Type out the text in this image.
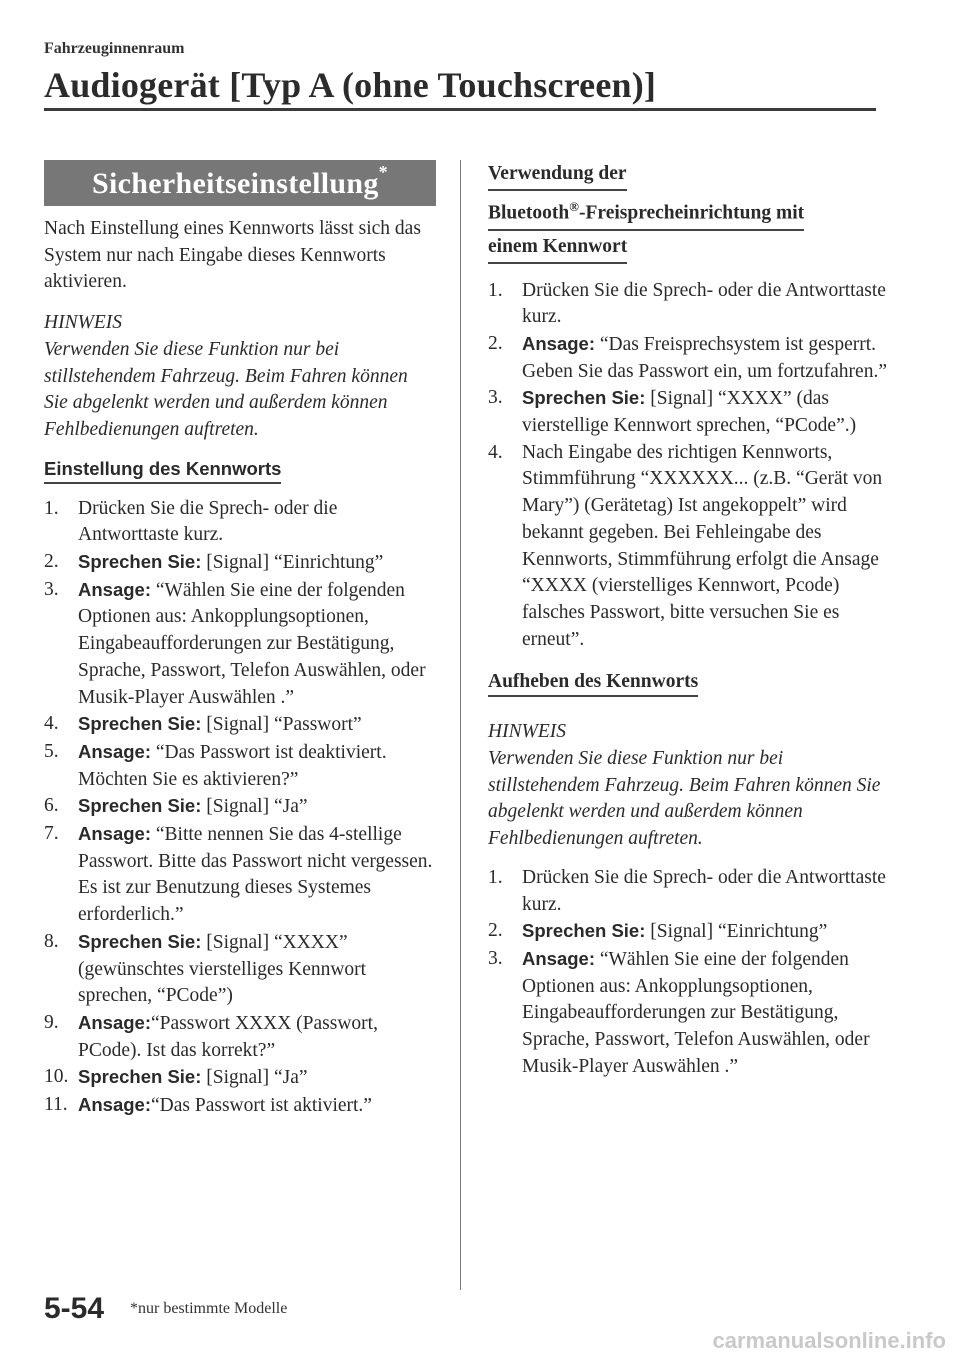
Fahrzeuginnenraum
Audiogerät [Typ A (ohne Touchscreen)]
Sicherheitseinstellung*

Nach Einstellung eines Kennworts lässt sich das System nur nach Eingabe dieses Kennworts aktivieren.

HINWEIS
Verwenden Sie diese Funktion nur bei stillstehendem Fahrzeug. Beim Fahren können Sie abgelenkt werden und außerdem können Fehlbedienungen auftreten.
Einstellung des Kennworts
1. Drücken Sie die Sprech- oder die Antworttaste kurz.
2. Sprechen Sie: [Signal] “Einrichtung”
3. Ansage: “Wählen Sie eine der folgenden Optionen aus: Ankopplungsoptionen, Eingabeaufforderungen zur Bestätigung, Sprache, Passwort, Telefon Auswählen, oder Musik-Player Auswählen .”
4. Sprechen Sie: [Signal] “Passwort”
5. Ansage: “Das Passwort ist deaktiviert. Möchten Sie es aktivieren?”
6. Sprechen Sie: [Signal] “Ja”
7. Ansage: “Bitte nennen Sie das 4-stellige Passwort. Bitte das Passwort nicht vergessen. Es ist zur Benutzung dieses Systemes erforderlich.”
8. Sprechen Sie: [Signal] “XXXX” (gewünschtes vierstelliges Kennwort sprechen, “PCode”)
9. Ansage:“Passwort XXXX (Passwort, PCode). Ist das korrekt?”
10. Sprechen Sie: [Signal] “Ja”
11. Ansage:“Das Passwort ist aktiviert.”
Verwendung der
Bluetooth®-Freisprecheinrichtung mit
einem Kennwort
1. Drücken Sie die Sprech- oder die Antworttaste kurz.
2. Ansage: “Das Freisprechsystem ist gesperrt. Geben Sie das Passwort ein, um fortzufahren.”
3. Sprechen Sie: [Signal] “XXXX” (das vierstellige Kennwort sprechen, “PCode”.)
4. Nach Eingabe des richtigen Kennworts, Stimmführung “XXXXXX... (z.B. “Gerät von Mary”) (Gerätetag) Ist angekoppelt” wird bekannt gegeben. Bei Fehleingabe des Kennworts, Stimmführung erfolgt die Ansage “XXXX (vierstelliges Kennwort, Pcode) falsches Passwort, bitte versuchen Sie es erneut”.
Aufheben des Kennworts
HINWEIS
Verwenden Sie diese Funktion nur bei stillstehendem Fahrzeug. Beim Fahren können Sie abgelenkt werden und außerdem können Fehlbedienungen auftreten.
1. Drücken Sie die Sprech- oder die Antworttaste kurz.
2. Sprechen Sie: [Signal] “Einrichtung”
3. Ansage: “Wählen Sie eine der folgenden Optionen aus: Ankopplungsoptionen, Eingabeaufforderungen zur Bestätigung, Sprache, Passwort, Telefon Auswählen, oder Musik-Player Auswählen .”
5-54 *nur bestimmte Modelle
carmanualsonline.info
